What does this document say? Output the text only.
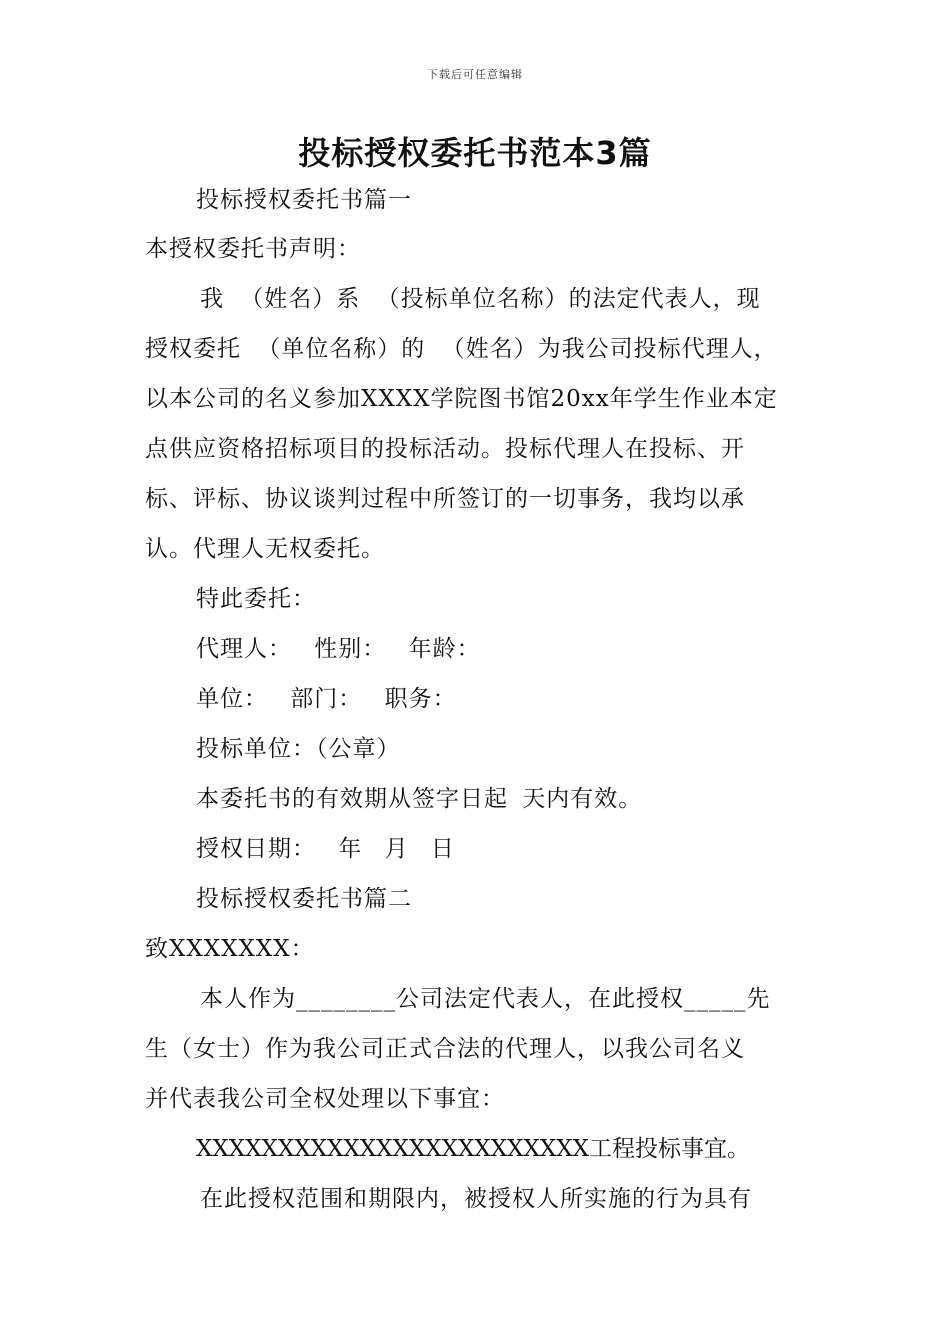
下载后可任意编辑
投标授权委托书范本3篇
投标授权委托书篇一
本授权委托书声明：
我 （姓名）系 （投标单位名称）的法定代表人，现
授权委托 （单位名称）的 （姓名）为我公司投标代理人，
以本公司的名义参加XXXX学院图书馆20xx年学生作业本定
点供应资格招标项目的投标活动。投标代理人在投标、开
标、评标、协议谈判过程中所签订的一切事务，我均以承
认。代理人无权委托。
特此委托：
代理人： 性别： 年龄：
单位： 部门： 职务：
投标单位：（公章）
本委托书的有效期从签字日起 天内有效。
授权日期： 年 月 日
投标授权委托书篇二
致XXXXXXX：
本人作为________公司法定代表人，在此授权_____先
生（女士）作为我公司正式合法的代理人，以我公司名义
并代表我公司全权处理以下事宜：
XXXXXXXXXXXXXXXXXXXXXXXX工程投标事宜。
在此授权范围和期限内，被授权人所实施的行为具有
